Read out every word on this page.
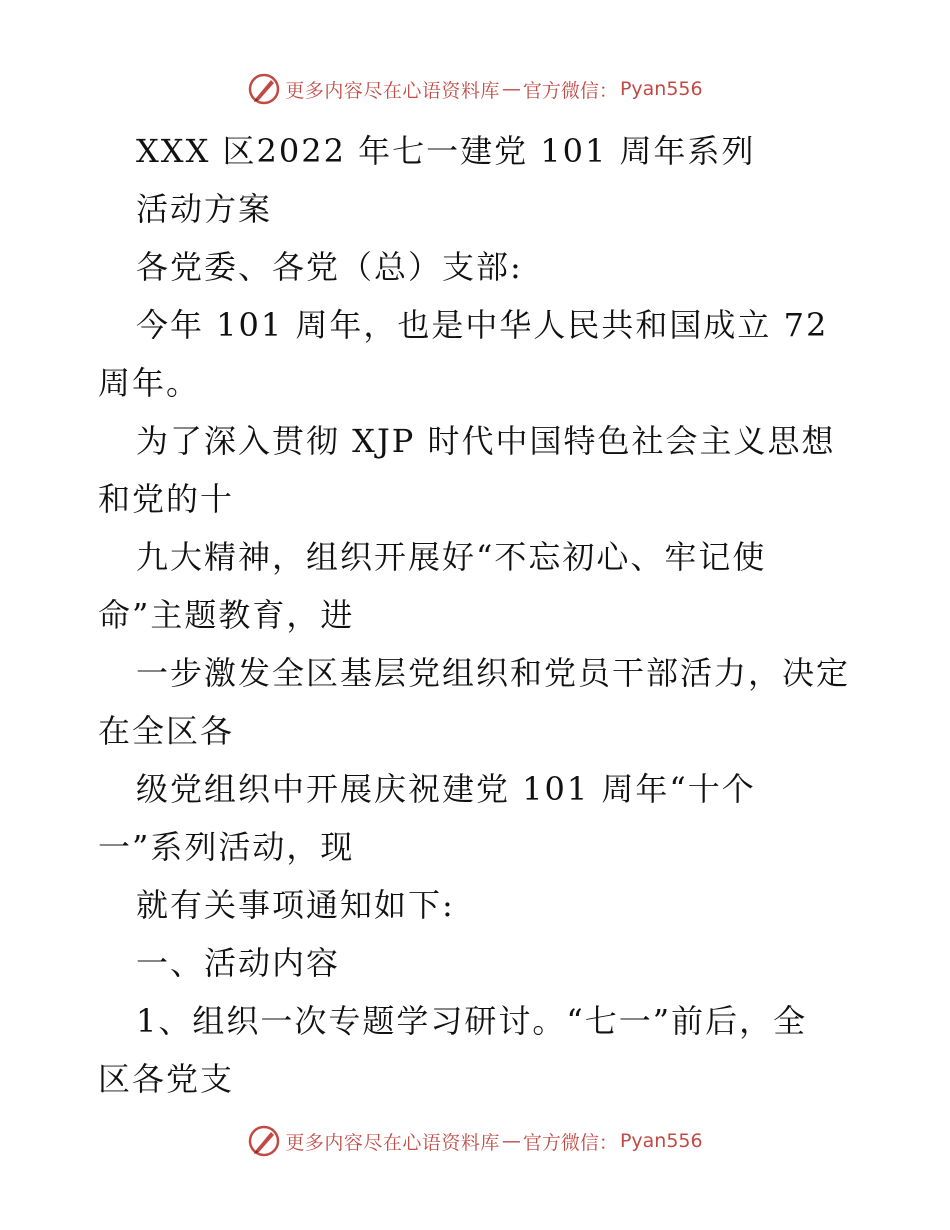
更多内容尽在心语资料库 — 官方微信： Pyan556
XXX 区2022 年七一建党 101 周年系列
活动方案
各党委、各党（总）支部:
今年 101 周年，也是中华人民共和国成立 72
周年。
为了深入贯彻 XJP 时代中国特色社会主义思想
和党的十
九大精神，组织开展好“不忘初心、牢记使
命”主题教育，进
一步激发全区基层党组织和党员干部活力，决定
在全区各
级党组织中开展庆祝建党 101 周年“十个
一”系列活动，现
就有关事项通知如下:
一、活动内容
1、组织一次专题学习研讨。“七一”前后，全
区各党支
更多内容尽在心语资料库 — 官方微信： Pyan556
